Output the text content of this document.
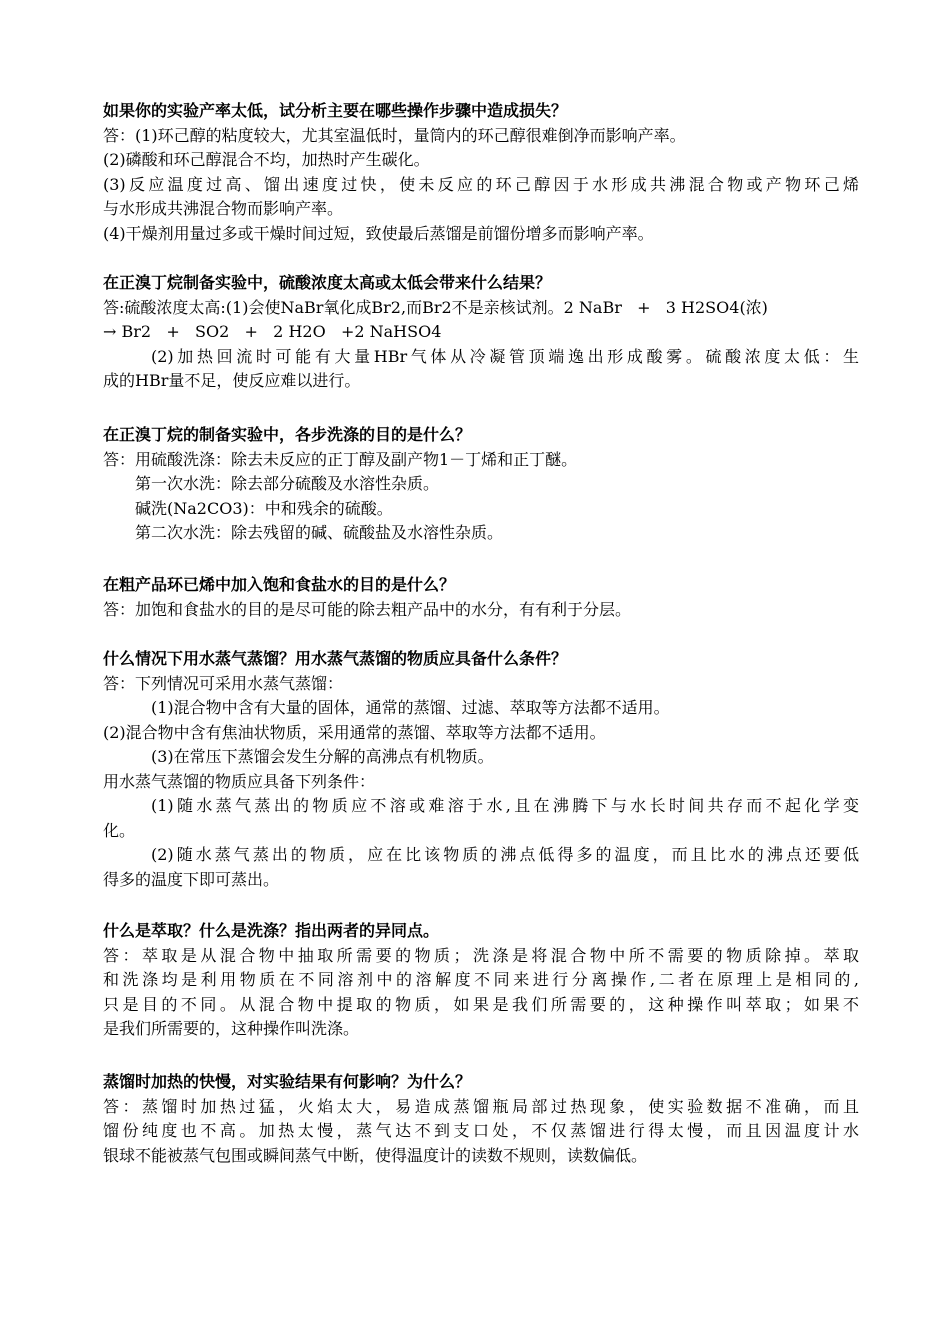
如果你的实验产率太低，试分析主要在哪些操作步骤中造成损失？
答：(1)环己醇的粘度较大，尤其室温低时，量筒内的环己醇很难倒净而影响产率。
(2)磷酸和环己醇混合不均，加热时产生碳化。
(3)反应温度过高、馏出速度过快，使未反应的环己醇因于水形成共沸混合物或产物环己烯
与水形成共沸混合物而影响产率。
(4)干燥剂用量过多或干燥时间过短，致使最后蒸馏是前馏份增多而影响产率。
在正溴丁烷制备实验中，硫酸浓度太高或太低会带来什么结果？
答:硫酸浓度太高:(1)会使NaBr氧化成Br2,而Br2不是亲核试剂。2 NaBr   +   3 H2SO4(浓)
→ Br2   +   SO2   +   2 H2O   +2 NaHSO4
(2)加热回流时可能有大量HBr气体从冷凝管顶端逸出形成酸雾。硫酸浓度太低：生
成的HBr量不足，使反应难以进行。
在正溴丁烷的制备实验中，各步洗涤的目的是什么？
答：用硫酸洗涤：除去未反应的正丁醇及副产物1－丁烯和正丁醚。
第一次水洗：除去部分硫酸及水溶性杂质。
碱洗(Na2CO3)：中和残余的硫酸。
第二次水洗：除去残留的碱、硫酸盐及水溶性杂质。
在粗产品环已烯中加入饱和食盐水的目的是什么？
答：加饱和食盐水的目的是尽可能的除去粗产品中的水分，有有利于分层。
什么情况下用水蒸气蒸馏？用水蒸气蒸馏的物质应具备什么条件？
答：下列情况可采用水蒸气蒸馏：
(1)混合物中含有大量的固体，通常的蒸馏、过滤、萃取等方法都不适用。
(2)混合物中含有焦油状物质，采用通常的蒸馏、萃取等方法都不适用。
(3)在常压下蒸馏会发生分解的高沸点有机物质。
用水蒸气蒸馏的物质应具备下列条件：
(1)随水蒸气蒸出的物质应不溶或难溶于水,且在沸腾下与水长时间共存而不起化学变
化。
(2)随水蒸气蒸出的物质，应在比该物质的沸点低得多的温度，而且比水的沸点还要低
得多的温度下即可蒸出。
什么是萃取？什么是洗涤？指出两者的异同点。
答：萃取是从混合物中抽取所需要的物质；洗涤是将混合物中所不需要的物质除掉。萃取
和洗涤均是利用物质在不同溶剂中的溶解度不同来进行分离操作,二者在原理上是相同的,
只是目的不同。从混合物中提取的物质，如果是我们所需要的，这种操作叫萃取；如果不
是我们所需要的，这种操作叫洗涤。
蒸馏时加热的快慢，对实验结果有何影响？为什么？
答：蒸馏时加热过猛，火焰太大，易造成蒸馏瓶局部过热现象，使实验数据不准确，而且
馏份纯度也不高。加热太慢，蒸气达不到支口处，不仅蒸馏进行得太慢，而且因温度计水
银球不能被蒸气包围或瞬间蒸气中断，使得温度计的读数不规则，读数偏低。
